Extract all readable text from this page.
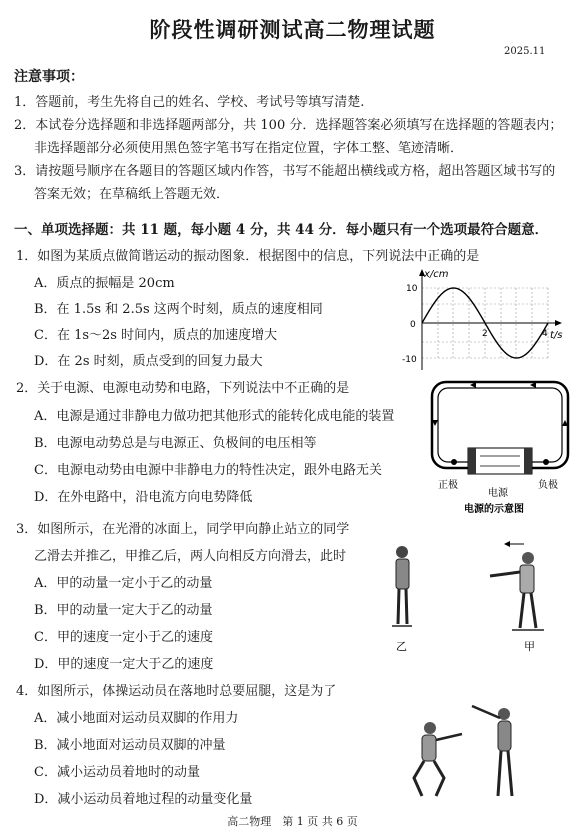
阶段性调研测试高二物理试题
2025.11
注意事项：
1．答题前，考生先将自己的姓名、学校、考试号等填写清楚.
2．本试卷分选择题和非选择题两部分，共 100 分．选择题答案必须填写在选择题的答题表内；
非选择题部分必须使用黑色签字笔书写在指定位置，字体工整、笔迹清晰．
3．请按题号顺序在各题目的答题区域内作答，书写不能超出横线或方格，超出答题区域书写的
答案无效；在草稿纸上答题无效．
一、单项选择题：共 11 题，每小题 4 分，共 44 分．每小题只有一个选项最符合题意．
1．如图为某质点做简谐运动的振动图象．根据图中的信息，下列说法中正确的是
A．质点的振幅是 20cm
B．在 1.5s 和 2.5s 这两个时刻，质点的速度相同
C．在 1s～2s 时间内，质点的加速度增大
D．在 2s 时刻，质点受到的回复力最大
x/cm
t/s
10
0
-10
2	4
2．关于电源、电源电动势和电路，下列说法中不正确的是
A．电源是通过非静电力做功把其他形式的能转化成电能的装置
B．电源电动势总是与电源正、负极间的电压相等
C．电源电动势由电源中非静电力的特性决定，跟外电路无关
D．在外电路中，沿电流方向电势降低
正极	负极
电源
电源的示意图
3．如图所示，在光滑的冰面上，同学甲向静止站立的同学
乙滑去并推乙，甲推乙后，两人向相反方向滑去，此时
A．甲的动量一定小于乙的动量
B．甲的动量一定大于乙的动量
C．甲的速度一定小于乙的速度
D．甲的速度一定大于乙的速度
乙	甲
4．如图所示，体操运动员在落地时总要屈腿，这是为了
A．减小地面对运动员双脚的作用力
B．减小地面对运动员双脚的冲量
C．减小运动员着地时的动量
D．减小运动员着地过程的动量变化量
高二物理　第 1 页 共 6 页
